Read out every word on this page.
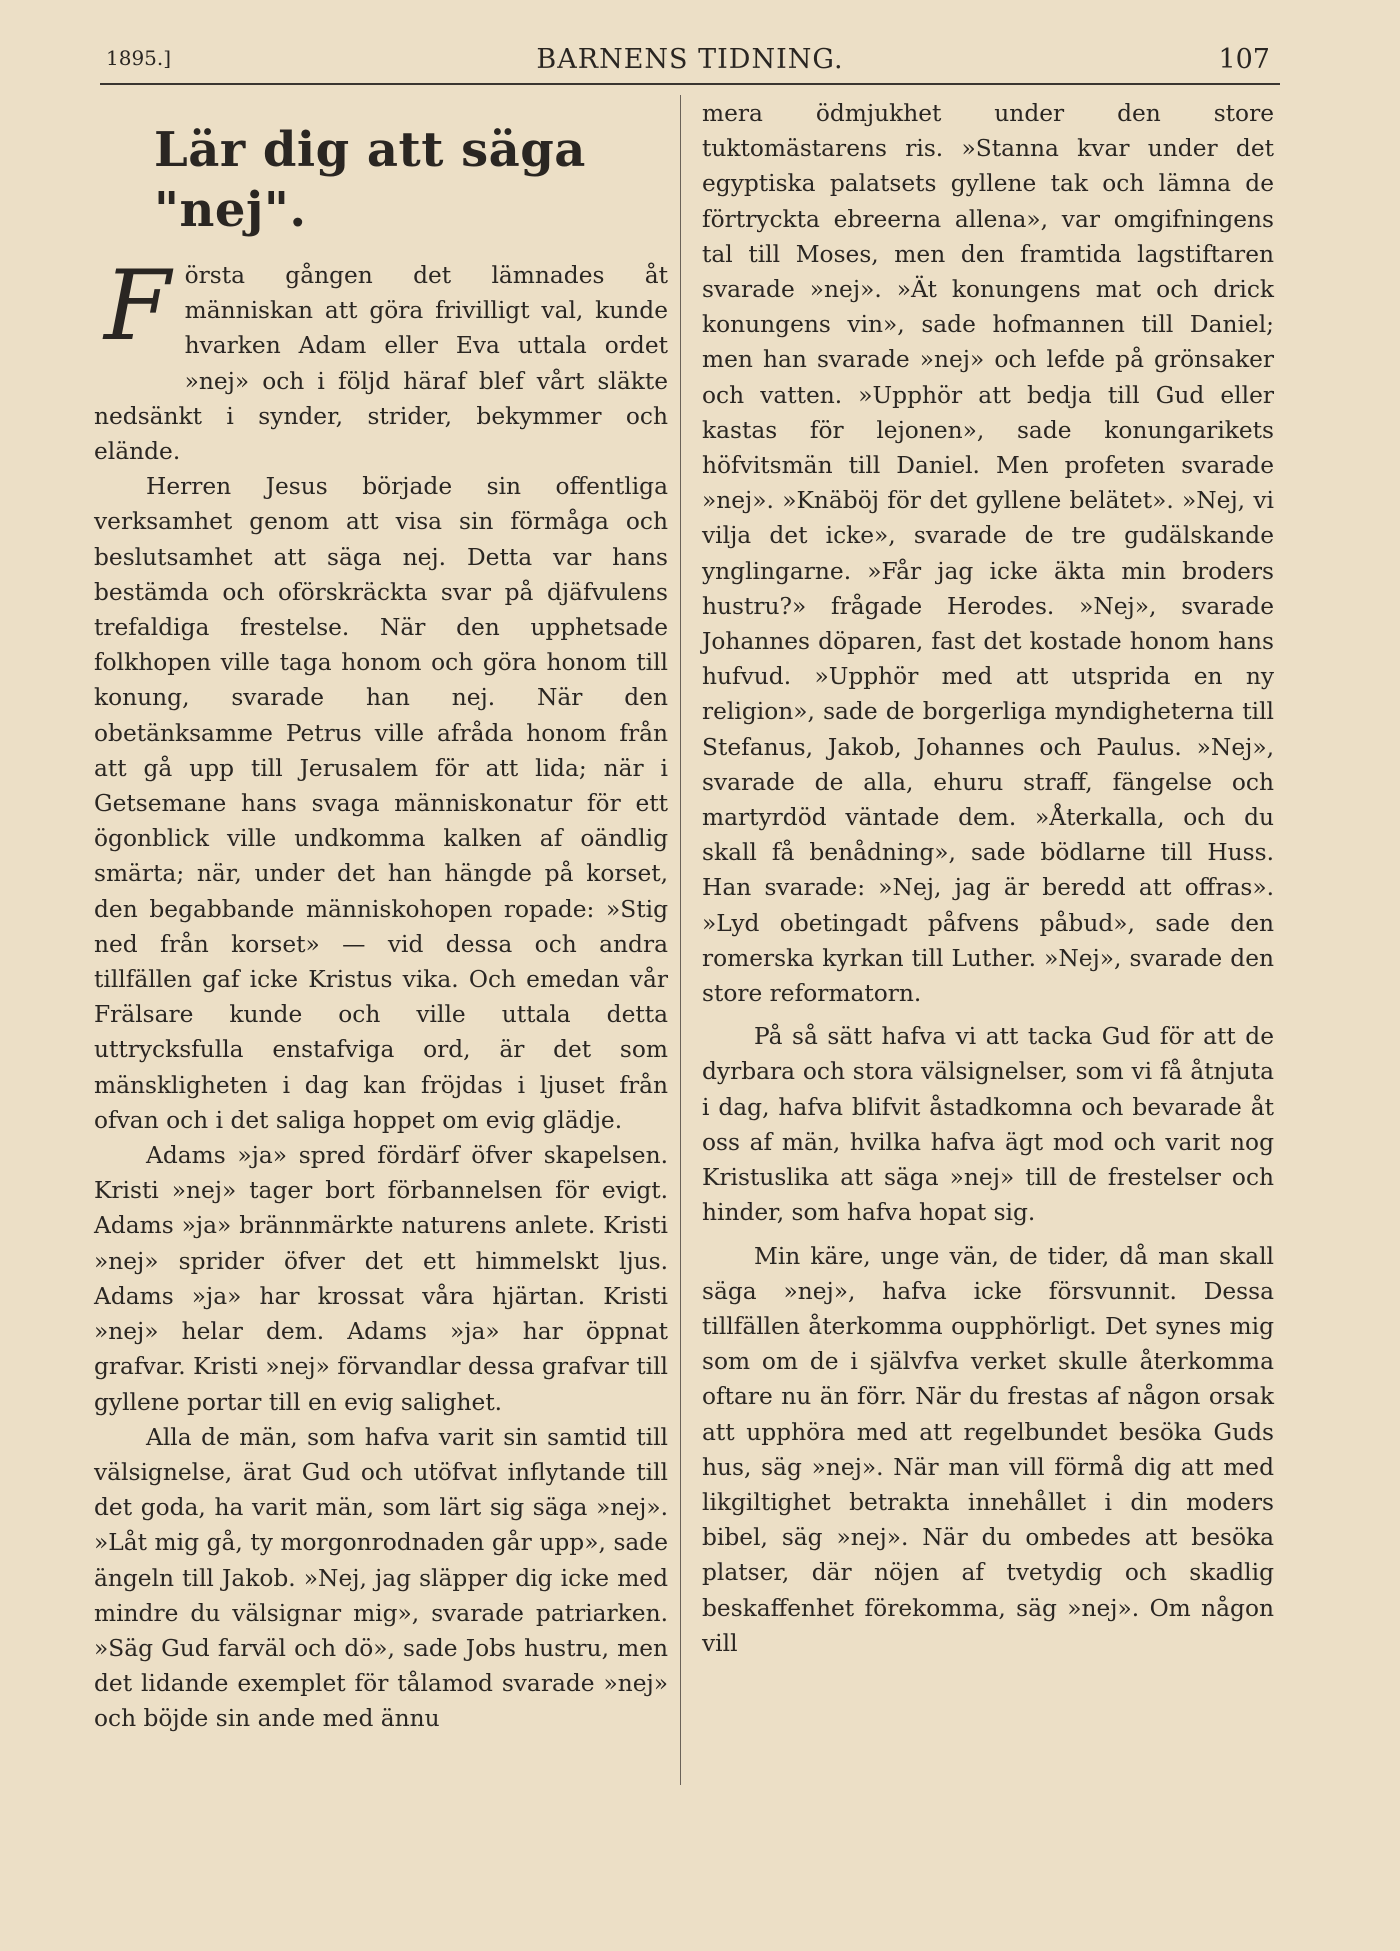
1895.]	BARNENS TIDNING.	107
Lär dig att säga "nej".

Första gången det lämnades åt människan att göra frivilligt val, kunde hvarken Adam eller Eva uttala ordet »nej» och i följd häraf blef vårt släkte nedsänkt i synder, strider, bekymmer och elände.

Herren Jesus började sin offentliga verksamhet genom att visa sin förmåga och beslutsamhet att säga nej. Detta var hans bestämda och oförskräckta svar på djäfvulens trefaldiga frestelse. När den upphetsade folkhopen ville taga honom och göra honom till konung, svarade han nej. När den obetänksamme Petrus ville afråda honom från att gå upp till Jerusalem för att lida; när i Getsemane hans svaga människonatur för ett ögonblick ville undkomma kalken af oändlig smärta; när, under det han hängde på korset, den begabbande människohopen ropade: »Stig ned från korset» — vid dessa och andra tillfällen gaf icke Kristus vika. Och emedan vår Frälsare kunde och ville uttala detta uttrycksfulla enstafviga ord, är det som mänskligheten i dag kan fröjdas i ljuset från ofvan och i det saliga hoppet om evig glädje.

Adams »ja» spred fördärf öfver skapelsen. Kristi »nej» tager bort förbannelsen för evigt. Adams »ja» brännmärkte naturens anlete. Kristi »nej» sprider öfver det ett himmelskt ljus. Adams »ja» har krossat våra hjärtan. Kristi »nej» helar dem. Adams »ja» har öppnat grafvar. Kristi »nej» förvandlar dessa grafvar till gyllene portar till en evig salighet.

Alla de män, som hafva varit sin samtid till välsignelse, ärat Gud och utöfvat inflytande till det goda, ha varit män, som lärt sig säga »nej». »Låt mig gå, ty morgonrodnaden går upp», sade ängeln till Jakob. »Nej, jag släpper dig icke med mindre du välsignar mig», svarade patriarken. »Säg Gud farväl och dö», sade Jobs hustru, men det lidande exemplet för tålamod svarade »nej» och böjde sin ande med ännu

mera ödmjukhet under den store tuktomästarens ris. »Stanna kvar under det egyptiska palatsets gyllene tak och lämna de förtryckta ebreerna allena», var omgifningens tal till Moses, men den framtida lagstiftaren svarade »nej». »Ät konungens mat och drick konungens vin», sade hofmannen till Daniel; men han svarade »nej» och lefde på grönsaker och vatten. »Upphör att bedja till Gud eller kastas för lejonen», sade konungarikets höfvitsmän till Daniel. Men profeten svarade »nej». »Knäböj för det gyllene belätet». »Nej, vi vilja det icke», svarade de tre gudälskande ynglingarne. »Får jag icke äkta min broders hustru?» frågade Herodes. »Nej», svarade Johannes döparen, fast det kostade honom hans hufvud. »Upphör med att utsprida en ny religion», sade de borgerliga myndigheterna till Stefanus, Jakob, Johannes och Paulus. »Nej», svarade de alla, ehuru straff, fängelse och martyrdöd väntade dem. »Återkalla, och du skall få benådning», sade bödlarne till Huss. Han svarade: »Nej, jag är beredd att offras». »Lyd obetingadt påfvens påbud», sade den romerska kyrkan till Luther. »Nej», svarade den store reformatorn.

På så sätt hafva vi att tacka Gud för att de dyrbara och stora välsignelser, som vi få åtnjuta i dag, hafva blifvit åstadkomna och bevarade åt oss af män, hvilka hafva ägt mod och varit nog Kristuslika att säga »nej» till de frestelser och hinder, som hafva hopat sig.

Min käre, unge vän, de tider, då man skall säga »nej», hafva icke försvunnit. Dessa tillfällen återkomma oupphörligt. Det synes mig som om de i självfva verket skulle återkomma oftare nu än förr. När du frestas af någon orsak att upphöra med att regelbundet besöka Guds hus, säg »nej». När man vill förmå dig att med likgiltighet betrakta innehållet i din moders bibel, säg »nej». När du ombedes att besöka platser, där nöjen af tvetydig och skadlig beskaffenhet förekomma, säg »nej». Om någon vill
